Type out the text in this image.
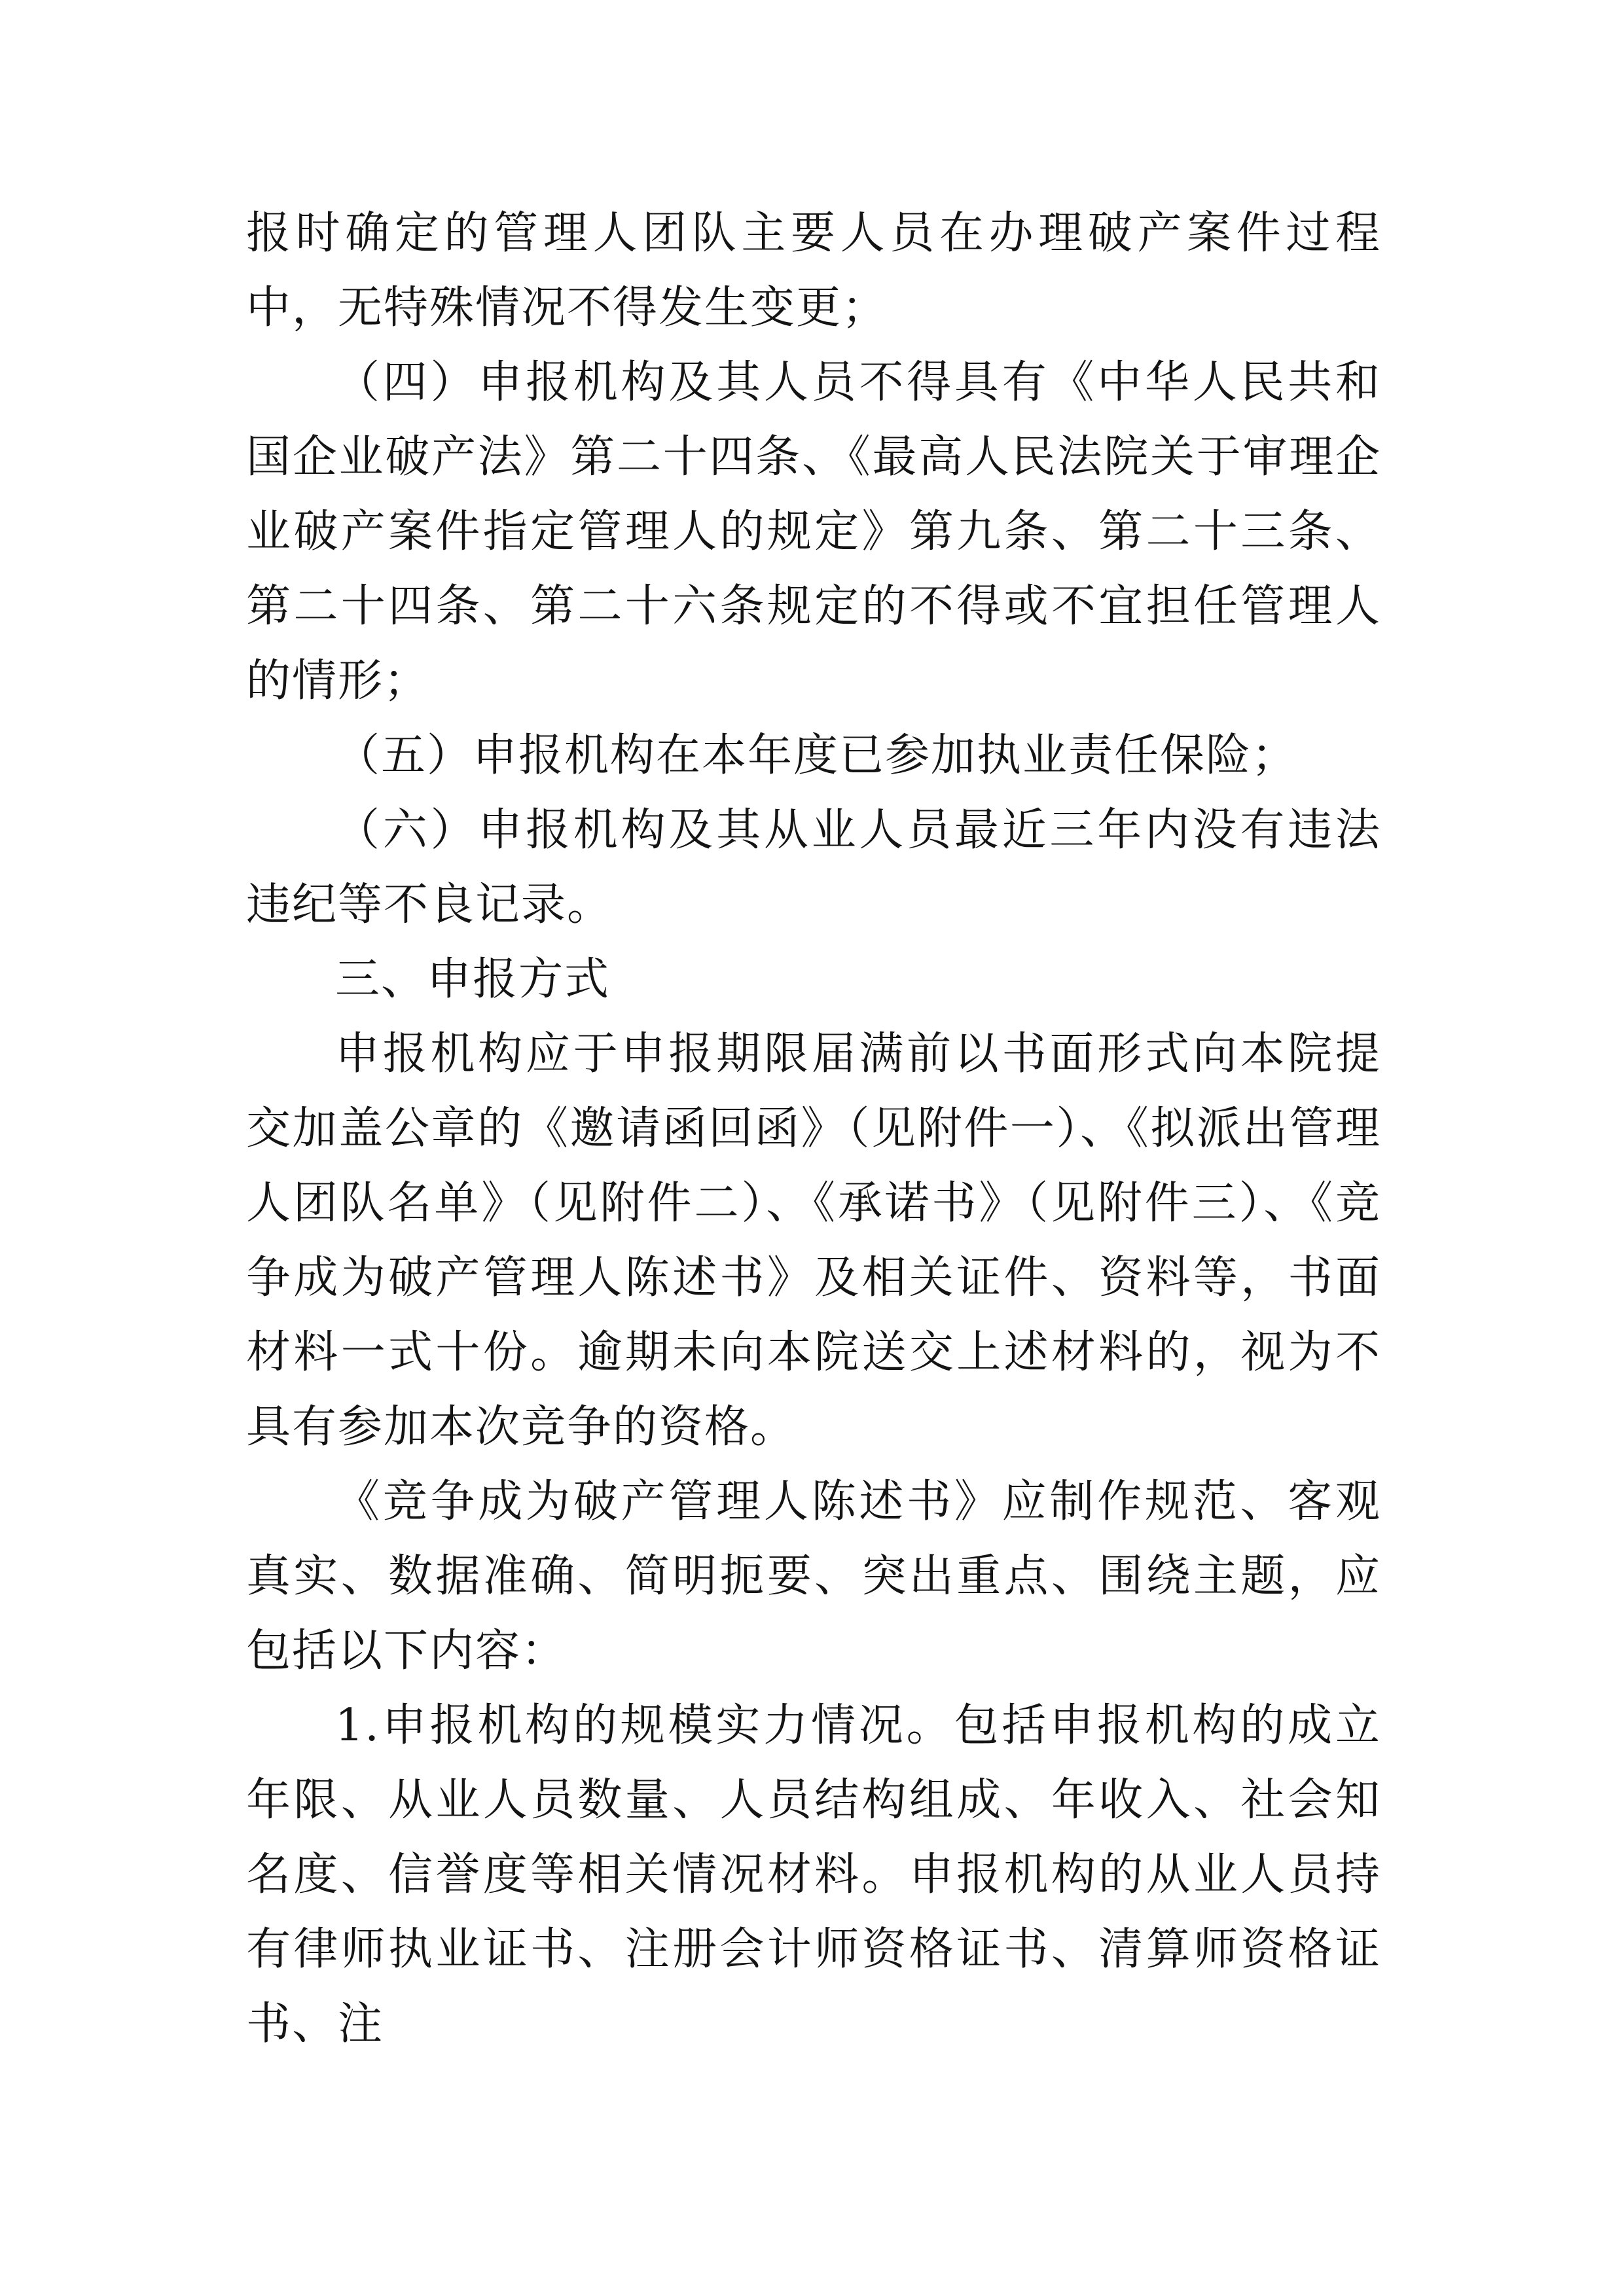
报时确定的管理人团队主要人员在办理破产案件过程中，无特殊情况不得发生变更；

（四）申报机构及其人员不得具有《中华人民共和国企业破产法》第二十四条、《最高人民法院关于审理企业破产案件指定管理人的规定》第九条、第二十三条、第二十四条、第二十六条规定的不得或不宜担任管理人的情形；

（五）申报机构在本年度已参加执业责任保险；

（六）申报机构及其从业人员最近三年内没有违法违纪等不良记录。

三、申报方式

申报机构应于申报期限届满前以书面形式向本院提交加盖公章的《邀请函回函》（见附件一）、《拟派出管理人团队名单》（见附件二）、《承诺书》（见附件三）、《竞争成为破产管理人陈述书》及相关证件、资料等，书面材料一式十份。逾期未向本院送交上述材料的，视为不具有参加本次竞争的资格。

《竞争成为破产管理人陈述书》应制作规范、客观真实、数据准确、简明扼要、突出重点、围绕主题，应包括以下内容：

1.申报机构的规模实力情况。包括申报机构的成立年限、从业人员数量、人员结构组成、年收入、社会知名度、信誉度等相关情况材料。申报机构的从业人员持有律师执业证书、注册会计师资格证书、清算师资格证书、注
